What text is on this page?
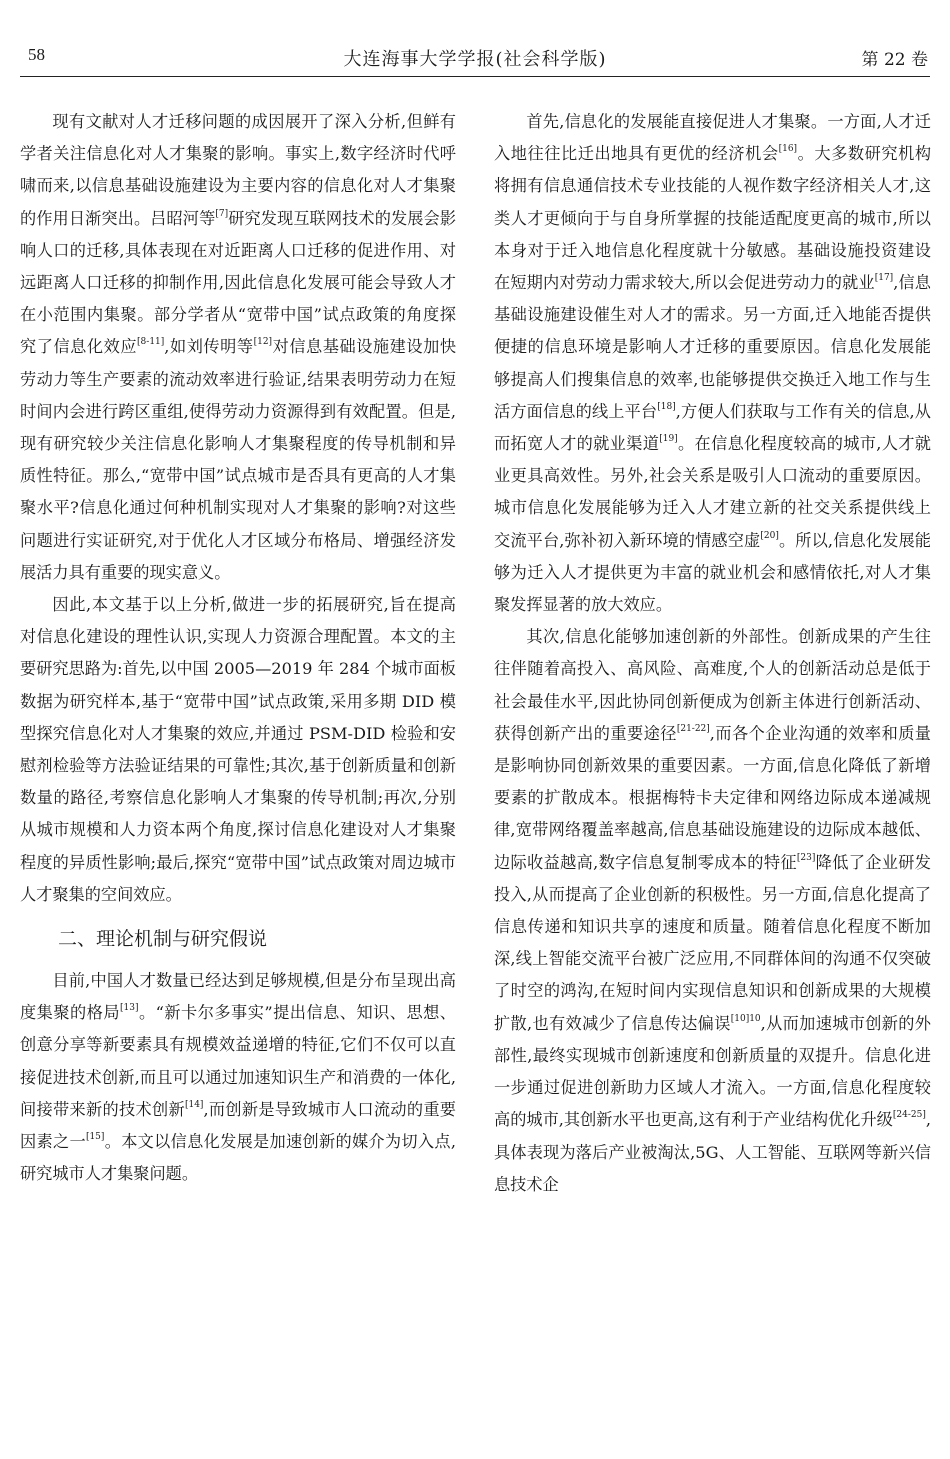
58	大连海事大学学报(社会科学版)	第 22 卷

现有文献对人才迁移问题的成因展开了深入分析,但鲜有学者关注信息化对人才集聚的影响。事实上,数字经济时代呼啸而来,以信息基础设施建设为主要内容的信息化对人才集聚的作用日渐突出。吕昭河等[7]研究发现互联网技术的发展会影响人口的迁移,具体表现在对近距离人口迁移的促进作用、对远距离人口迁移的抑制作用,因此信息化发展可能会导致人才在小范围内集聚。部分学者从“宽带中国”试点政策的角度探究了信息化效应[8-11],如刘传明等[12]对信息基础设施建设加快劳动力等生产要素的流动效率进行验证,结果表明劳动力在短时间内会进行跨区重组,使得劳动力资源得到有效配置。但是,现有研究较少关注信息化影响人才集聚程度的传导机制和异质性特征。那么,“宽带中国”试点城市是否具有更高的人才集聚水平?信息化通过何种机制实现对人才集聚的影响?对这些问题进行实证研究,对于优化人才区域分布格局、增强经济发展活力具有重要的现实意义。

因此,本文基于以上分析,做进一步的拓展研究,旨在提高对信息化建设的理性认识,实现人力资源合理配置。本文的主要研究思路为:首先,以中国 2005—2019 年 284 个城市面板数据为研究样本,基于“宽带中国”试点政策,采用多期 DID 模型探究信息化对人才集聚的效应,并通过 PSM-DID 检验和安慰剂检验等方法验证结果的可靠性;其次,基于创新质量和创新数量的路径,考察信息化影响人才集聚的传导机制;再次,分别从城市规模和人力资本两个角度,探讨信息化建设对人才集聚程度的异质性影响;最后,探究“宽带中国”试点政策对周边城市人才聚集的空间效应。

二、理论机制与研究假说

目前,中国人才数量已经达到足够规模,但是分布呈现出高度集聚的格局[13]。“新卡尔多事实”提出信息、知识、思想、创意分享等新要素具有规模效益递增的特征,它们不仅可以直接促进技术创新,而且可以通过加速知识生产和消费的一体化,间接带来新的技术创新[14],而创新是导致城市人口流动的重要因素之一[15]。本文以信息化发展是加速创新的媒介为切入点,研究城市人才集聚问题。

首先,信息化的发展能直接促进人才集聚。一方面,人才迁入地往往比迁出地具有更优的经济机会[16]。大多数研究机构将拥有信息通信技术专业技能的人视作数字经济相关人才,这类人才更倾向于与自身所掌握的技能适配度更高的城市,所以本身对于迁入地信息化程度就十分敏感。基础设施投资建设在短期内对劳动力需求较大,所以会促进劳动力的就业[17],信息基础设施建设催生对人才的需求。另一方面,迁入地能否提供便捷的信息环境是影响人才迁移的重要原因。信息化发展能够提高人们搜集信息的效率,也能够提供交换迁入地工作与生活方面信息的线上平台[18],方便人们获取与工作有关的信息,从而拓宽人才的就业渠道[19]。在信息化程度较高的城市,人才就业更具高效性。另外,社会关系是吸引人口流动的重要原因。城市信息化发展能够为迁入人才建立新的社交关系提供线上交流平台,弥补初入新环境的情感空虚[20]。所以,信息化发展能够为迁入人才提供更为丰富的就业机会和感情依托,对人才集聚发挥显著的放大效应。

其次,信息化能够加速创新的外部性。创新成果的产生往往伴随着高投入、高风险、高难度,个人的创新活动总是低于社会最佳水平,因此协同创新便成为创新主体进行创新活动、获得创新产出的重要途径[21-22],而各个企业沟通的效率和质量是影响协同创新效果的重要因素。一方面,信息化降低了新增要素的扩散成本。根据梅特卡夫定律和网络边际成本递减规律,宽带网络覆盖率越高,信息基础设施建设的边际成本越低、边际收益越高,数字信息复制零成本的特征[23]降低了企业研发投入,从而提高了企业创新的积极性。另一方面,信息化提高了信息传递和知识共享的速度和质量。随着信息化程度不断加深,线上智能交流平台被广泛应用,不同群体间的沟通不仅突破了时空的鸿沟,在短时间内实现信息知识和创新成果的大规模扩散,也有效减少了信息传达偏误$^{[10]10}$,从而加速城市创新的外部性,最终实现城市创新速度和创新质量的双提升。信息化进一步通过促进创新助力区域人才流入。一方面,信息化程度较高的城市,其创新水平也更高,这有利于产业结构优化升级[24-25],具体表现为落后产业被淘汰,5G、人工智能、互联网等新兴信息技术企
